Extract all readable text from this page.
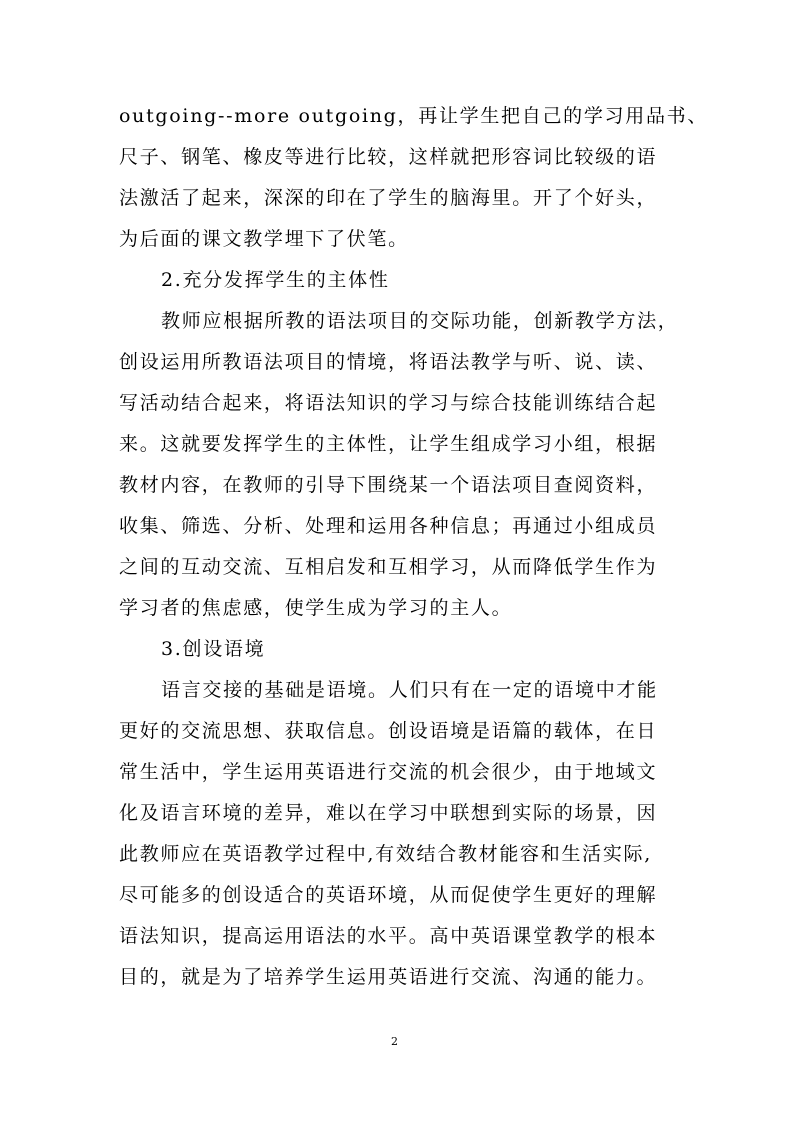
outgoing--more outgoing，再让学生把自己的学习用品书、
尺子、钢笔、橡皮等进行比较，这样就把形容词比较级的语
法激活了起来，深深的印在了学生的脑海里。开了个好头，
为后面的课文教学埋下了伏笔。
2.充分发挥学生的主体性
教师应根据所教的语法项目的交际功能，创新教学方法，
创设运用所教语法项目的情境，将语法教学与听、说、读、
写活动结合起来，将语法知识的学习与综合技能训练结合起
来。这就要发挥学生的主体性，让学生组成学习小组，根据
教材内容，在教师的引导下围绕某一个语法项目查阅资料，
收集、筛选、分析、处理和运用各种信息；再通过小组成员
之间的互动交流、互相启发和互相学习，从而降低学生作为
学习者的焦虑感，使学生成为学习的主人。
3.创设语境
语言交接的基础是语境。人们只有在一定的语境中才能
更好的交流思想、获取信息。创设语境是语篇的载体，在日
常生活中，学生运用英语进行交流的机会很少，由于地域文
化及语言环境的差异，难以在学习中联想到实际的场景，因
此教师应在英语教学过程中,有效结合教材能容和生活实际,
尽可能多的创设适合的英语环境，从而促使学生更好的理解
语法知识，提高运用语法的水平。高中英语课堂教学的根本
目的，就是为了培养学生运用英语进行交流、沟通的能力。
2
